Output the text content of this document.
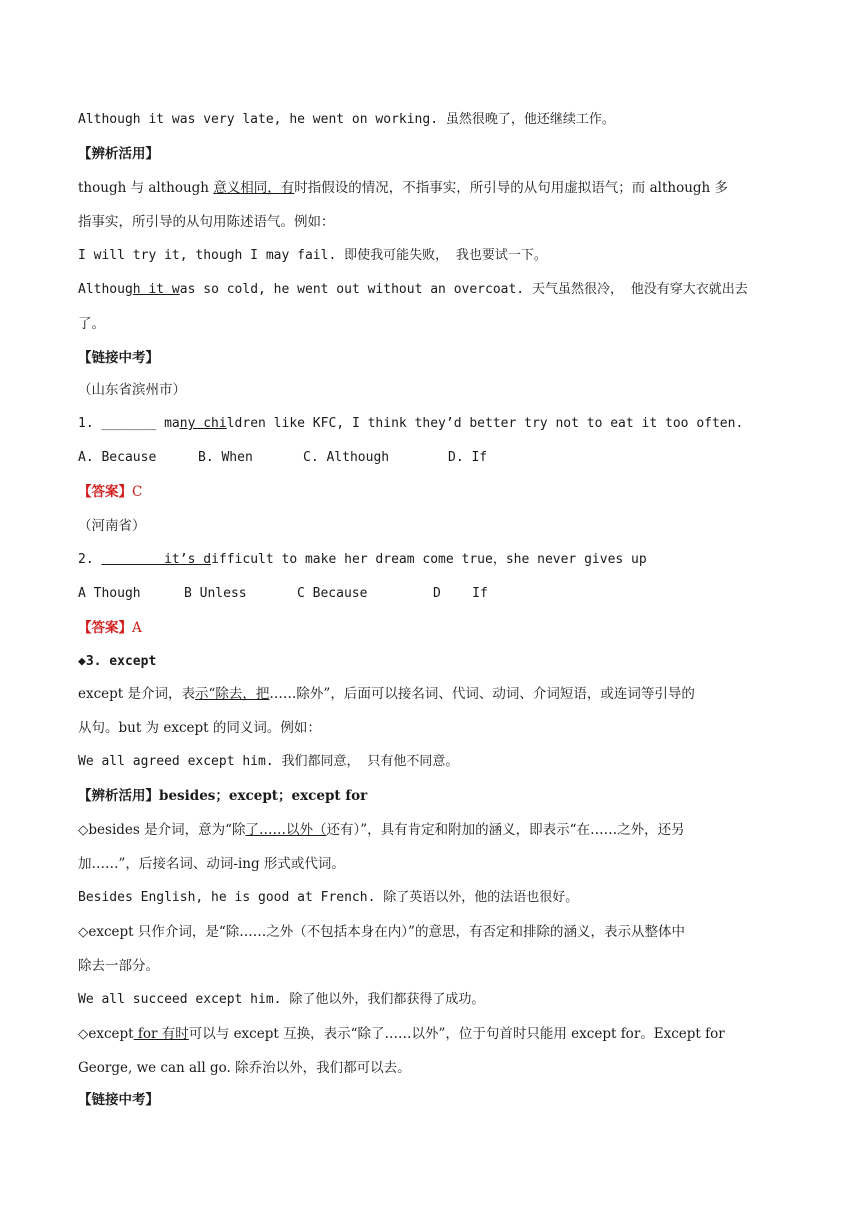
Although it was very late, he went on working. 虽然很晚了，他还继续工作。
【辨析活用】
though 与 although 意义相同，有时指假设的情况，不指事实，所引导的从句用虚拟语气；而 although 多
指事实，所引导的从句用陈述语气。例如：
I will try it, though I may fail. 即使我可能失败， 我也要试一下。
Although it was so cold, he went out without an overcoat. 天气虽然很冷， 他没有穿大衣就出去
了。
【链接中考】
（山东省滨州市）
1. _______ many children like KFC, I think they’d better try not to eat it too often.
A. Because	B. When	C. Although	D. If
【答案】C
（河南省）
2.         it’s difficult to make her dream come true，she never gives up
A Though	B Unless	C Because	D    If
【答案】A
◆3. except
except 是介词，表示“除去，把……除外”，后面可以接名词、代词、动词、介词短语，或连词等引导的
从句。but 为 except 的同义词。例如：
We all agreed except him. 我们都同意， 只有他不同意。
【辨析活用】besides；except；except for
◇besides 是介词，意为“除了……以外（还有）”，具有肯定和附加的涵义，即表示“在……之外，还另
加……”，后接名词、动词-ing 形式或代词。
Besides English, he is good at French. 除了英语以外，他的法语也很好。
◇except 只作介词，是“除……之外（不包括本身在内）”的意思，有否定和排除的涵义，表示从整体中
除去一部分。
We all succeed except him. 除了他以外，我们都获得了成功。
◇except for 有时可以与 except 互换，表示“除了……以外”，位于句首时只能用 except for。Except for
George, we can all go. 除乔治以外，我们都可以去。
【链接中考】
